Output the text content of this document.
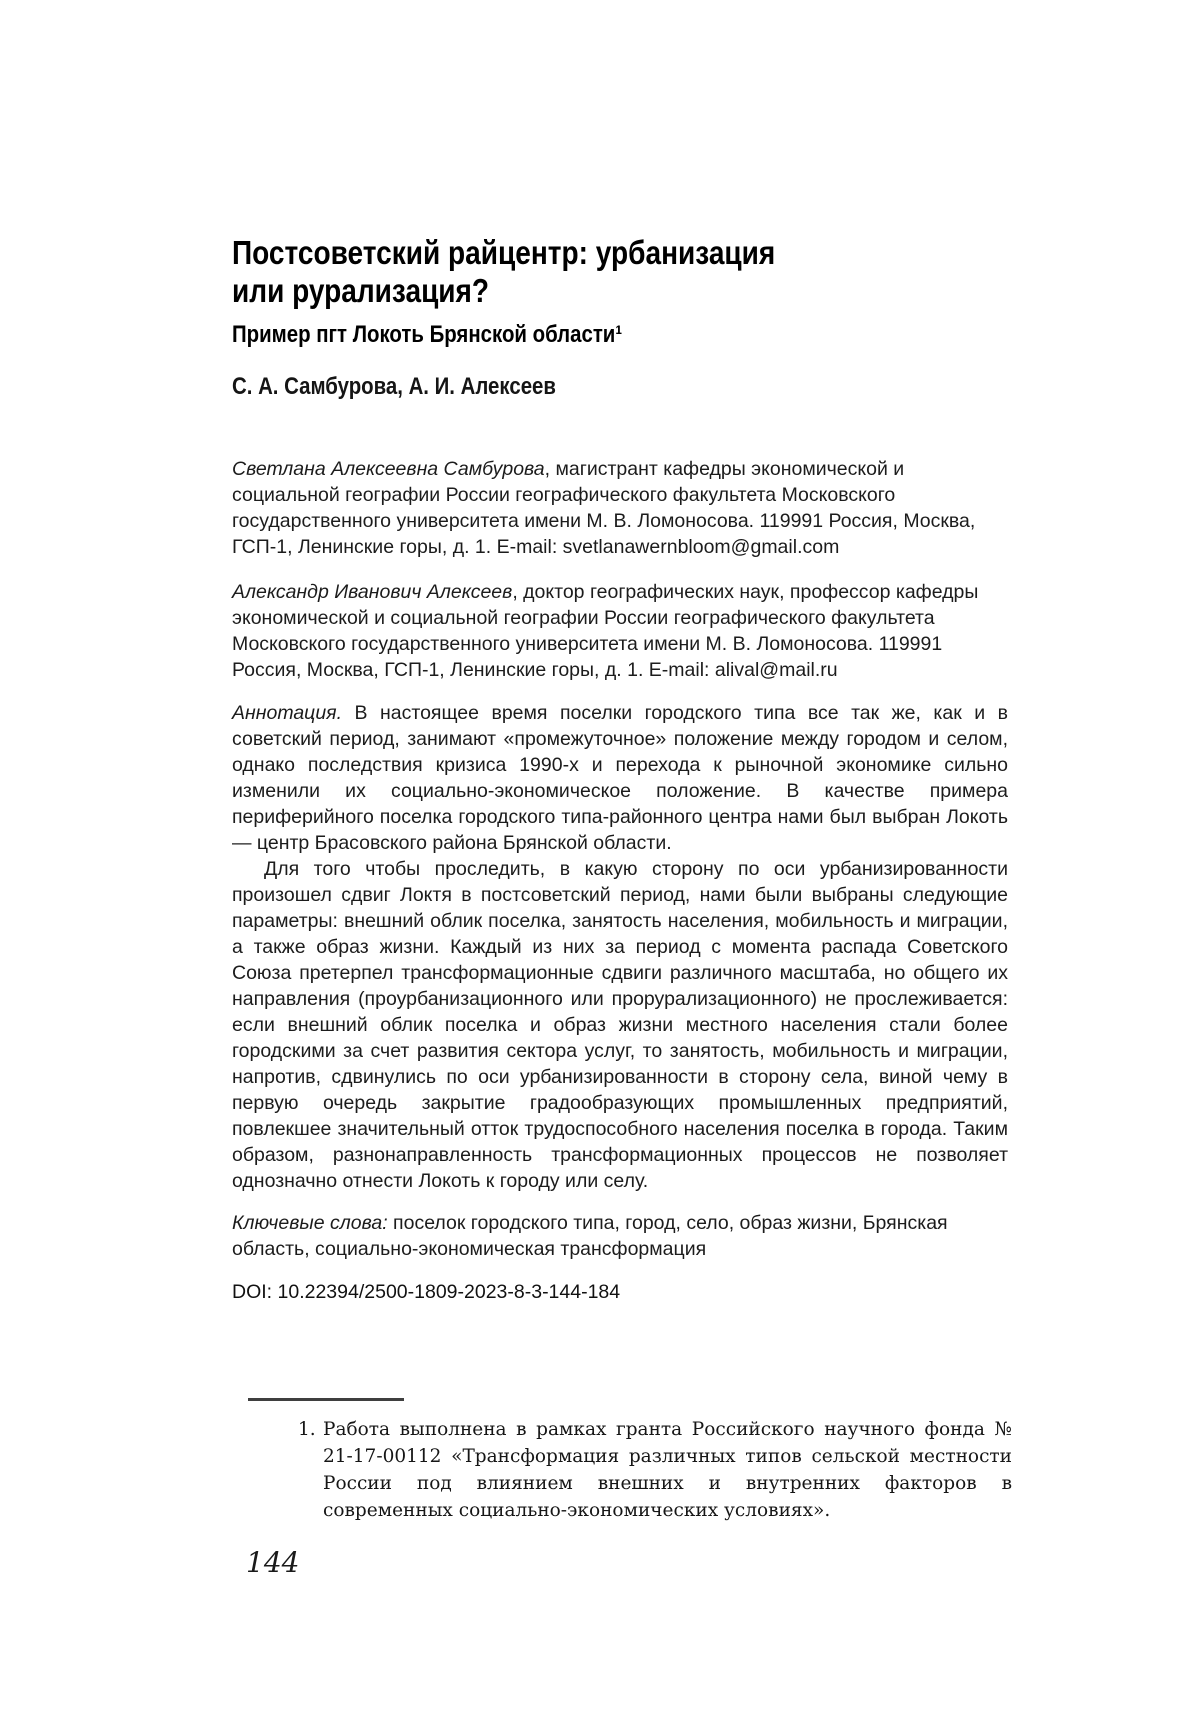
Постсоветский райцентр: урбанизация
или рурализация?
Пример пгт Локоть Брянской области¹
С. А. Самбурова, А. И. Алексеев

Светлана Алексеевна Самбурова, магистрант кафедры экономической и социальной географии России географического факультета Московского государственного университета имени М. В. Ломоносова. 119991 Россия, Москва, ГСП-1, Ленинские горы, д. 1. E-mail: svetlanawernbloom@gmail.com

Александр Иванович Алексеев, доктор географических наук, профессор кафедры экономической и социальной географии России географического факультета Московского государственного университета имени М. В. Ломоносова. 119991 Россия, Москва, ГСП-1, Ленинские горы, д. 1. E-mail: alival@mail.ru

Аннотация. В настоящее время поселки городского типа все так же, как и в советский период, занимают «промежуточное» положение между городом и селом, однако последствия кризиса 1990-х и перехода к рыночной экономике сильно изменили их социально-экономическое положение. В качестве примера периферийного поселка городского типа-районного центра нами был выбран Локоть — центр Брасовского района Брянской области.

Для того чтобы проследить, в какую сторону по оси урбанизированности произошел сдвиг Локтя в постсоветский период, нами были выбраны следующие параметры: внешний облик поселка, занятость населения, мобильность и миграции, а также образ жизни. Каждый из них за период с момента распада Советского Союза претерпел трансформационные сдвиги различного масштаба, но общего их направления (проурбанизационного или прорурализационного) не прослеживается: если внешний облик поселка и образ жизни местного населения стали более городскими за счет развития сектора услуг, то занятость, мобильность и миграции, напротив, сдвинулись по оси урбанизированности в сторону села, виной чему в первую очередь закрытие градообразующих промышленных предприятий, повлекшее значительный отток трудоспособного населения поселка в города. Таким образом, разнонаправленность трансформационных процессов не позволяет однозначно отнести Локоть к городу или селу.

Ключевые слова: поселок городского типа, город, село, образ жизни, Брянская область, социально-экономическая трансформация

DOI: 10.22394/2500-1809-2023-8-3-144-184

1. Работа выполнена в рамках гранта Российского научного фонда № 21-17-00112 «Трансформация различных типов сельской местности России под влиянием внешних и внутренних факторов в современных социально-экономических условиях».
144
